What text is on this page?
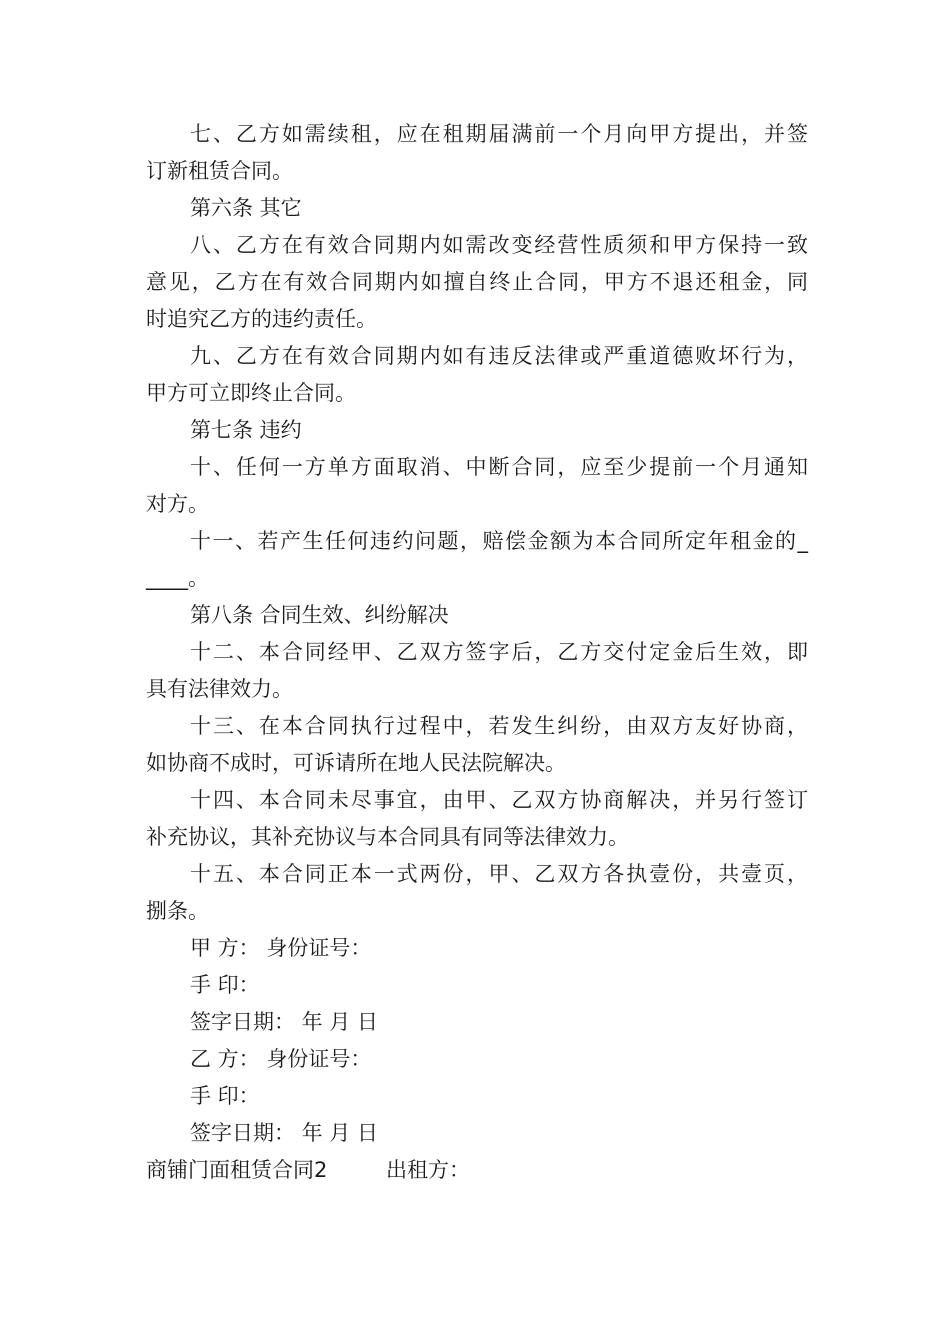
七、乙方如需续租，应在租期届满前一个月向甲方提出，并签
订新租赁合同。
第六条 其它
八、乙方在有效合同期内如需改变经营性质须和甲方保持一致
意见，乙方在有效合同期内如擅自终止合同，甲方不退还租金，同
时追究乙方的违约责任。
九、乙方在有效合同期内如有违反法律或严重道德败坏行为，
甲方可立即终止合同。
第七条 违约
十、任何一方单方面取消、中断合同，应至少提前一个月通知
对方。
十一、若产生任何违约问题，赔偿金额为本合同所定年租金的_
____。
第八条 合同生效、纠纷解决
十二、本合同经甲、乙双方签字后，乙方交付定金后生效，即
具有法律效力。
十三、在本合同执行过程中，若发生纠纷，由双方友好协商，
如协商不成时，可诉请所在地人民法院解决。
十四、本合同未尽事宜，由甲、乙双方协商解决，并另行签订
补充协议，其补充协议与本合同具有同等法律效力。
十五、本合同正本一式两份，甲、乙双方各执壹份，共壹页，
捌条。
甲 方： 身份证号：
手 印：
签字日期： 年 月 日
乙 方： 身份证号：
手 印：
签字日期： 年 月 日
商铺门面租赁合同2	出租方：
